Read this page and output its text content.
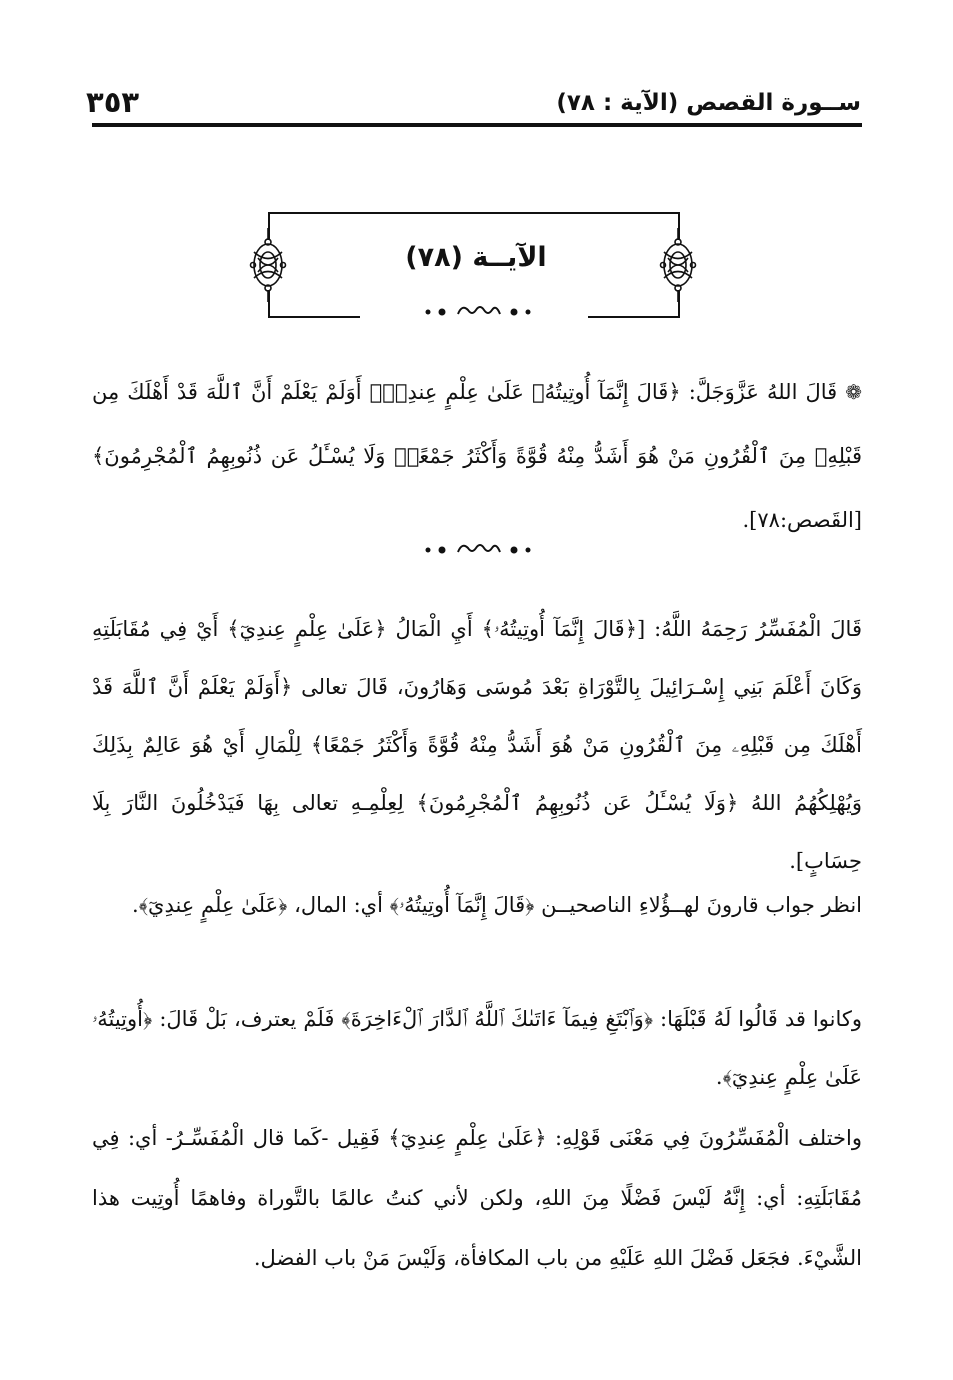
٣٥٣	ســورة القصص (الآية : ٧٨)
الآيــة (٧٨)
❁ قَالَ اللهُ عَزَّوَجَلَّ: ﴿قَالَ إِنَّمَآ أُوتِيتُهُۥ عَلَىٰ عِلْمٍ عِندِيٓۚ أَوَلَمْ يَعْلَمْ أَنَّ ٱللَّهَ قَدْ أَهْلَكَ مِن قَبْلِهِۦ مِنَ ٱلْقُرُونِ مَنْ هُوَ أَشَدُّ مِنْهُ قُوَّةً وَأَكْثَرُ جَمْعًاۚ وَلَا يُسْـَٔلُ عَن ذُنُوبِهِمُ ٱلْمُجْرِمُونَ﴾ [القَصص:٧٨].
قَالَ الْمُفَسِّرُ رَحِمَهُ اللَّهُ: [﴿قَالَ إِنَّمَآ أُوتِيتُهُۥ﴾ أَيِ الْمَالُ ﴿عَلَىٰ عِلْمٍ عِندِيٓ﴾ أَيْ فِي مُقَابَلَتِهِ وَكَانَ أَعْلَمَ بَنِي إِسْـرَائِيلَ بِالتَّوْرَاةِ بَعْدَ مُوسَى وَهَارُونَ، قَالَ تعالى ﴿أَوَلَمْ يَعْلَمْ أَنَّ ٱللَّهَ قَدْ أَهْلَكَ مِن قَبْلِهِۦ مِنَ ٱلْقُرُونِ مَنْ هُوَ أَشَدُّ مِنْهُ قُوَّةً وَأَكْثَرُ جَمْعًا﴾ لِلْمَالِ أَيْ هُوَ عَالِمٌ بِذَلِكَ وَيُهْلِكُهُمُ اللهُ ﴿وَلَا يُسْـَٔلُ عَن ذُنُوبِهِمُ ٱلْمُجْرِمُونَ﴾ لِعِلْمِـهِ تعالى بِهَا فَيَدْخُلُونَ النَّارَ بِلَا حِسَابٍ].
انظر جواب قارونَ لهــؤُلاءِ الناصحيــن ﴿قَالَ إِنَّمَآ أُوتِيتُهُۥ﴾ أي: المال، ﴿عَلَىٰ عِلْمٍ عِندِيٓ﴾.
وكانوا قد قَالُوا لَهُ قَبْلَهَا: ﴿وَٱبْتَغِ فِيمَآ ءَاتَىٰكَ ٱللَّهُ ٱلدَّارَ ٱلْءَاخِرَةَ﴾ فَلَمْ يعترف، بَلْ قَالَ: ﴿أُوتِيتُهُۥ عَلَىٰ عِلْمٍ عِندِيٓ﴾.
واختلف الْمُفَسِّرُونَ فِي مَعْنَى قَوْلِهِ: ﴿عَلَىٰ عِلْمٍ عِندِيٓ﴾ فَقِيل -كَما قال الْمُفَسِّـرُ- أي: فِي مُقَابَلَتِهِ: أي: إِنَّهُ لَيْسَ فَضْلًا مِنَ اللهِ، ولكن لأني كنتُ عالمًا بالتَّوراة وفاهمًا أُوتِيت هذا الشَّيْءَ. فجَعَل فَضْلَ اللهِ عَلَيْهِ من باب المكافأة، وَلَيْسَ مَنْ باب الفضل.
